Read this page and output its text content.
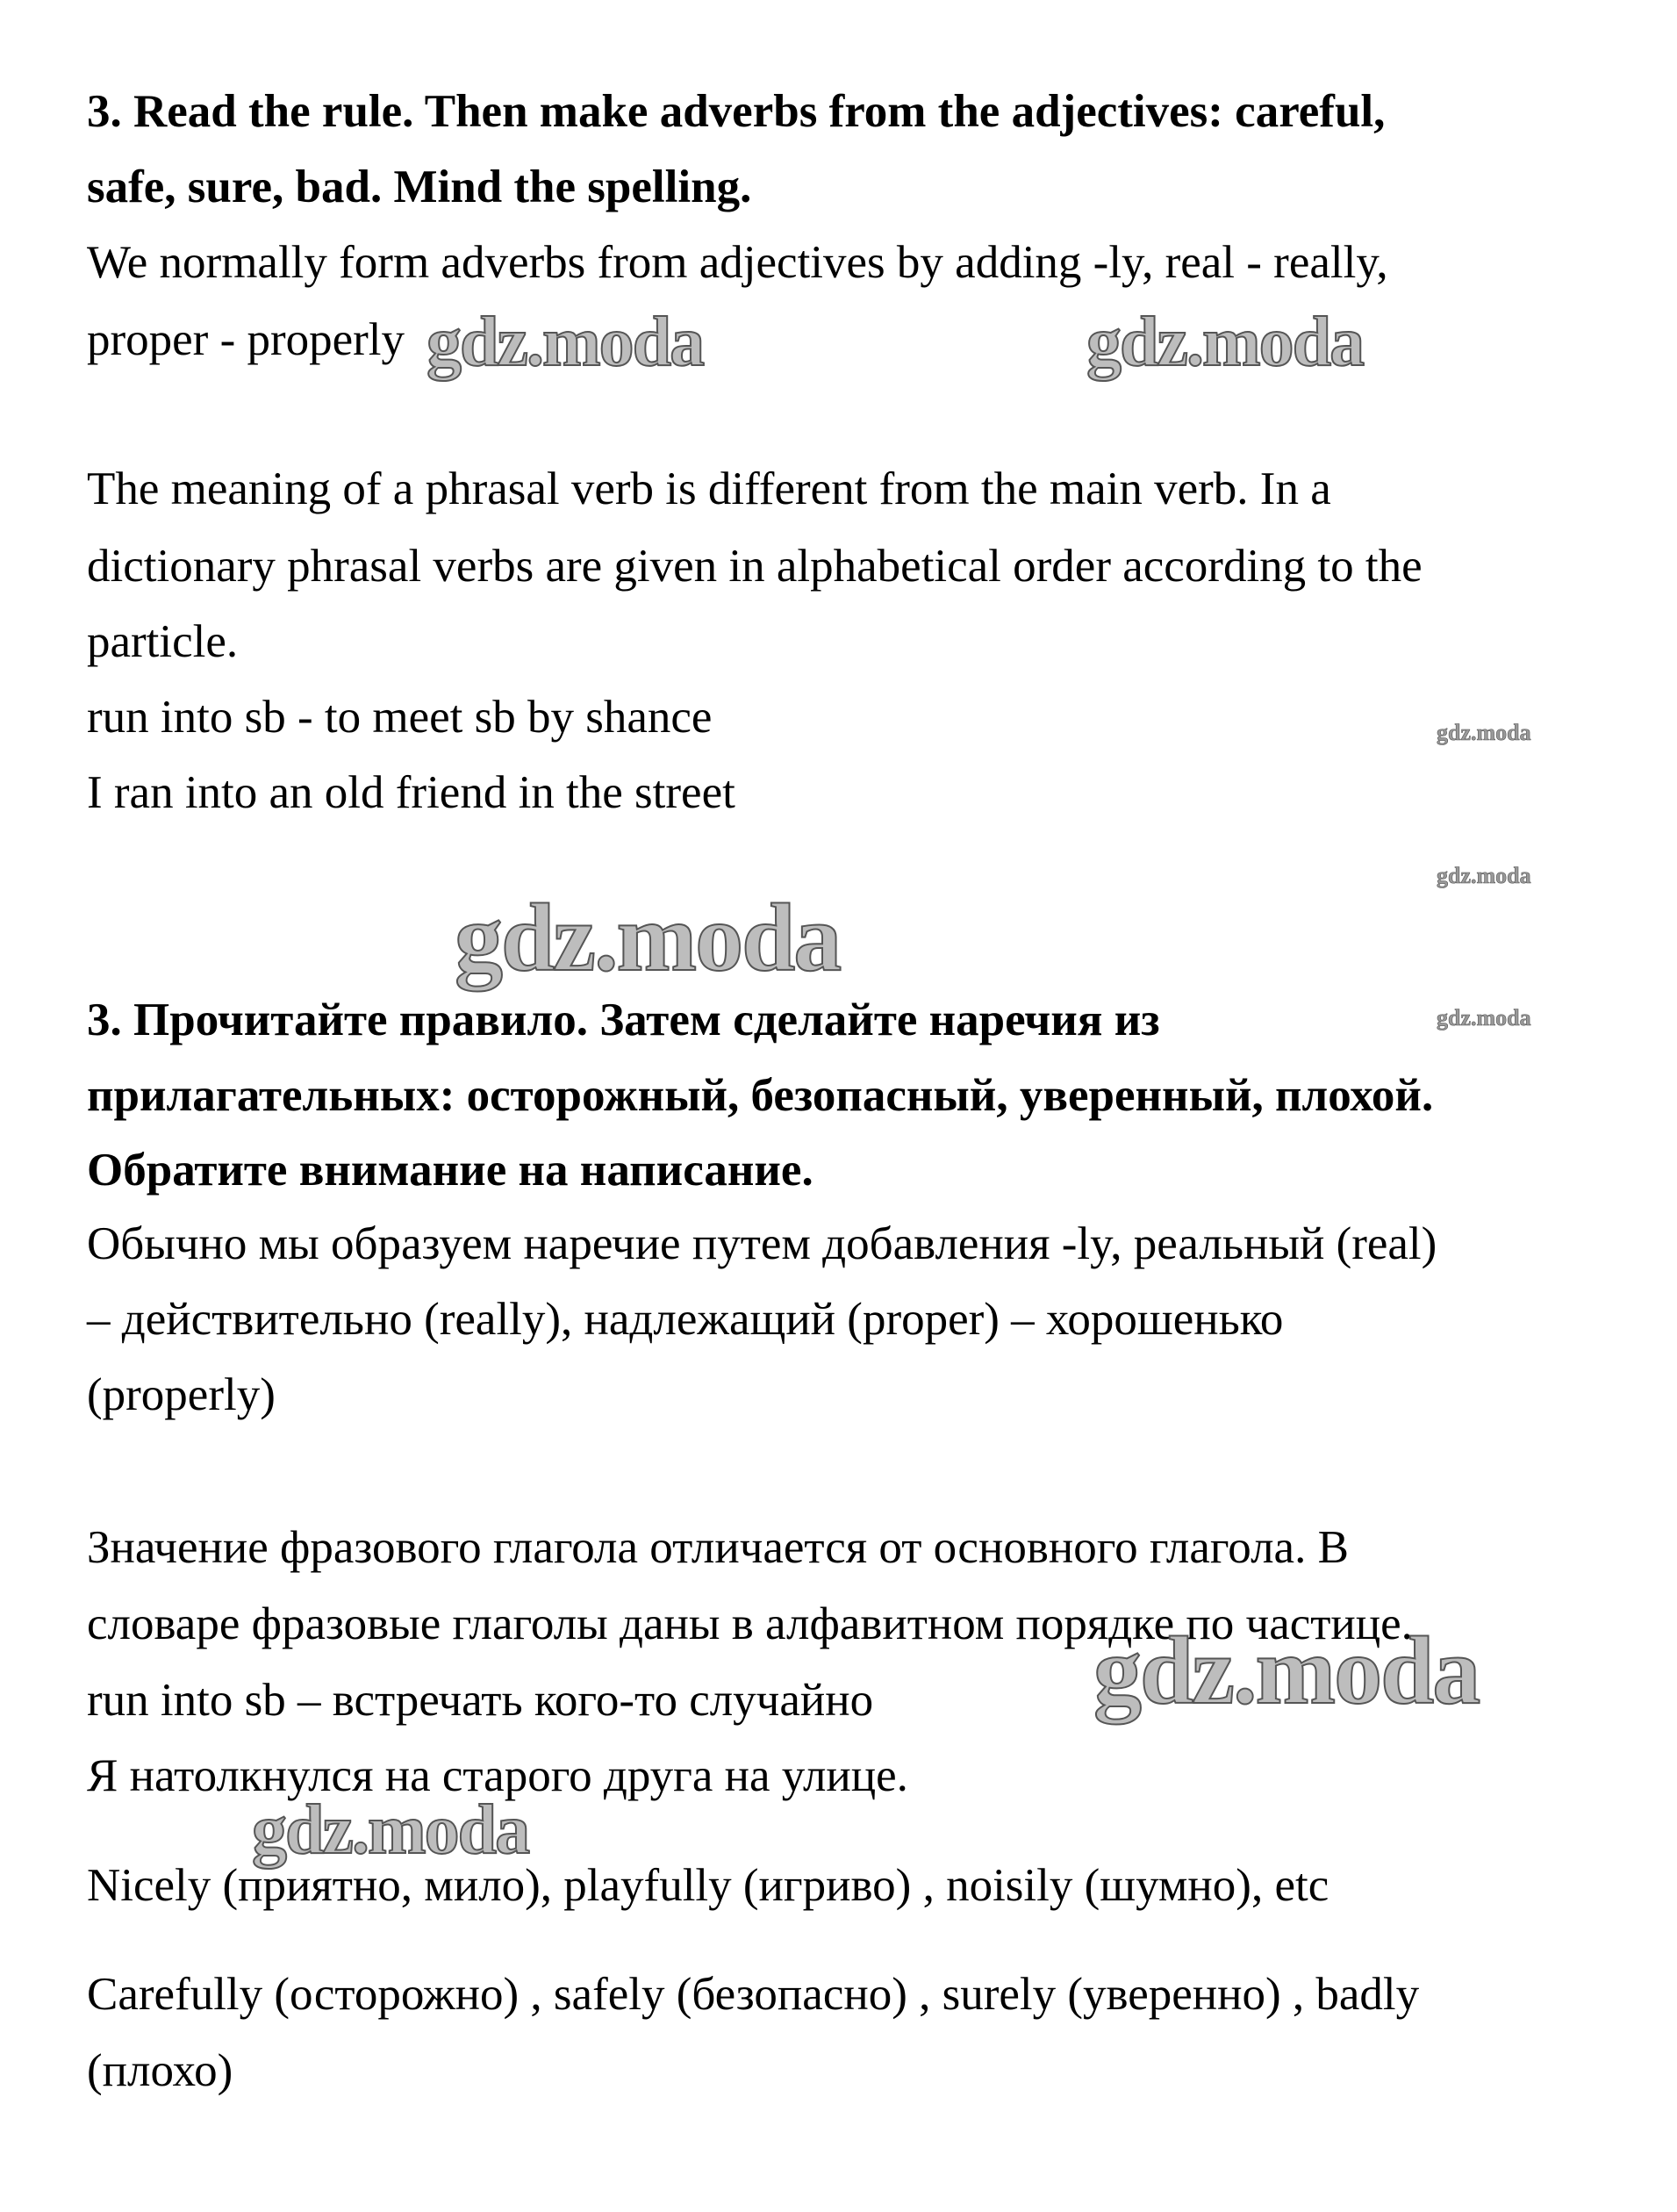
3. Read the rule. Then make adverbs from the adjectives: careful,
safe, sure, bad. Mind the spelling.
We normally form adverbs from adjectives by adding -ly, real - really,
proper - properly
The meaning of a phrasal verb is different from the main verb. In a
dictionary phrasal verbs are given in alphabetical order according to the
particle.
run into sb - to meet sb by shance
I ran into an old friend in the street
3. Прочитайте правило. Затем сделайте наречия из
прилагательных: осторожный, безопасный, уверенный, плохой.
Обратите внимание на написание.
Обычно мы образуем наречие путем добавления -ly, реальный (real)
– действительно (really), надлежащий (proper) – хорошенько
(properly)
Значение фразового глагола отличается от основного глагола. В
словаре фразовые глаголы даны в алфавитном порядке по частице.
run into sb – встречать кого-то случайно
Я натолкнулся на старого друга на улице.
Nicely (приятно, мило), playfully (игриво) , noisily (шумно), etc
Carefully (осторожно) , safely (безопасно) , surely (уверенно) , badly
(плохо)
gdz.moda	gdz.moda
gdz.moda
gdz.moda
gdz.moda
gdz.moda
gdz.moda
gdz.moda
